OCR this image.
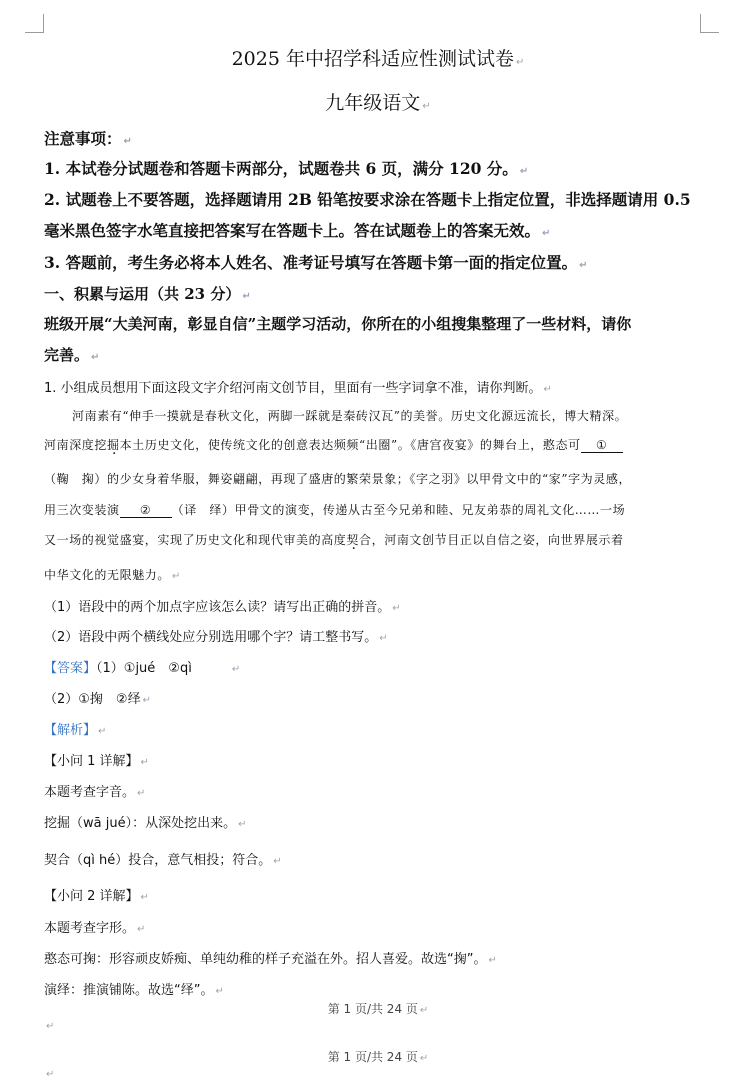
2025 年中招学科适应性测试试卷 ↵
九年级语文 ↵
注意事项： ↵
1. 本试卷分试题卷和答题卡两部分，试题卷共 6 页，满分 120 分。 ↵
2. 试题卷上不要答题，选择题请用 2B 铅笔按要求涂在答题卡上指定位置，非选择题请用 0.5
毫米黑色签字水笔直接把答案写在答题卡上。答在试题卷上的答案无效。 ↵
3. 答题前，考生务必将本人姓名、准考证号填写在答题卡第一面的指定位置。 ↵
一、积累与运用（共 23 分） ↵
班级开展“大美河南，彰显自信”主题学习活动，你所在的小组搜集整理了一些材料，请你
完善。 ↵
1. 小组成员想用下面这段文字介绍河南文创节目，里面有一些字词拿不准，请你判断。 ↵
河南素有“伸手一摸就是春秋文化，两脚一踩就是秦砖汉瓦”的美誉。历史文化源远流长，博大精深。
河南深度挖掘本土历史文化，使传统文化的创意表达频频“出圈”。《唐宫夜宴》的舞台上，憨态可 ①
（鞠　掬）的少女身着华服，舞姿翩翩，再现了盛唐的繁荣景象；《字之羽》以甲骨文中的“家”字为灵感，
用三次变装演 ② （译　绎）甲骨文的演变，传递从古至今兄弟和睦、兄友弟恭的周礼文化……一场
又一场的视觉盛宴，实现了历史文化和现代审美的高度契合，河南文创节目正以自信之姿，向世界展示着
中华文化的无限魅力。 ↵
（1）语段中的两个加点字应该怎么读？请写出正确的拼音。 ↵
（2）语段中两个横线处应分别选用哪个字？请工整书写。 ↵
【答案】（1）①jué　②qì	↵
（2）①掬　②绎 ↵
【解析】 ↵
【小问 1 详解】 ↵
本题考查字音。 ↵
挖掘（wā jué）：从深处挖出来。 ↵
契合（qì hé）投合，意气相投；符合。 ↵
【小问 2 详解】 ↵
本题考查字形。 ↵
憨态可掬：形容顽皮娇痴、单纯幼稚的样子充溢在外。招人喜爱。故选“掬”。 ↵
演绎：推演铺陈。故选“绎”。 ↵
第 1 页/共 24 页 ↵
↵
第 1 页/共 24 页 ↵
↵
